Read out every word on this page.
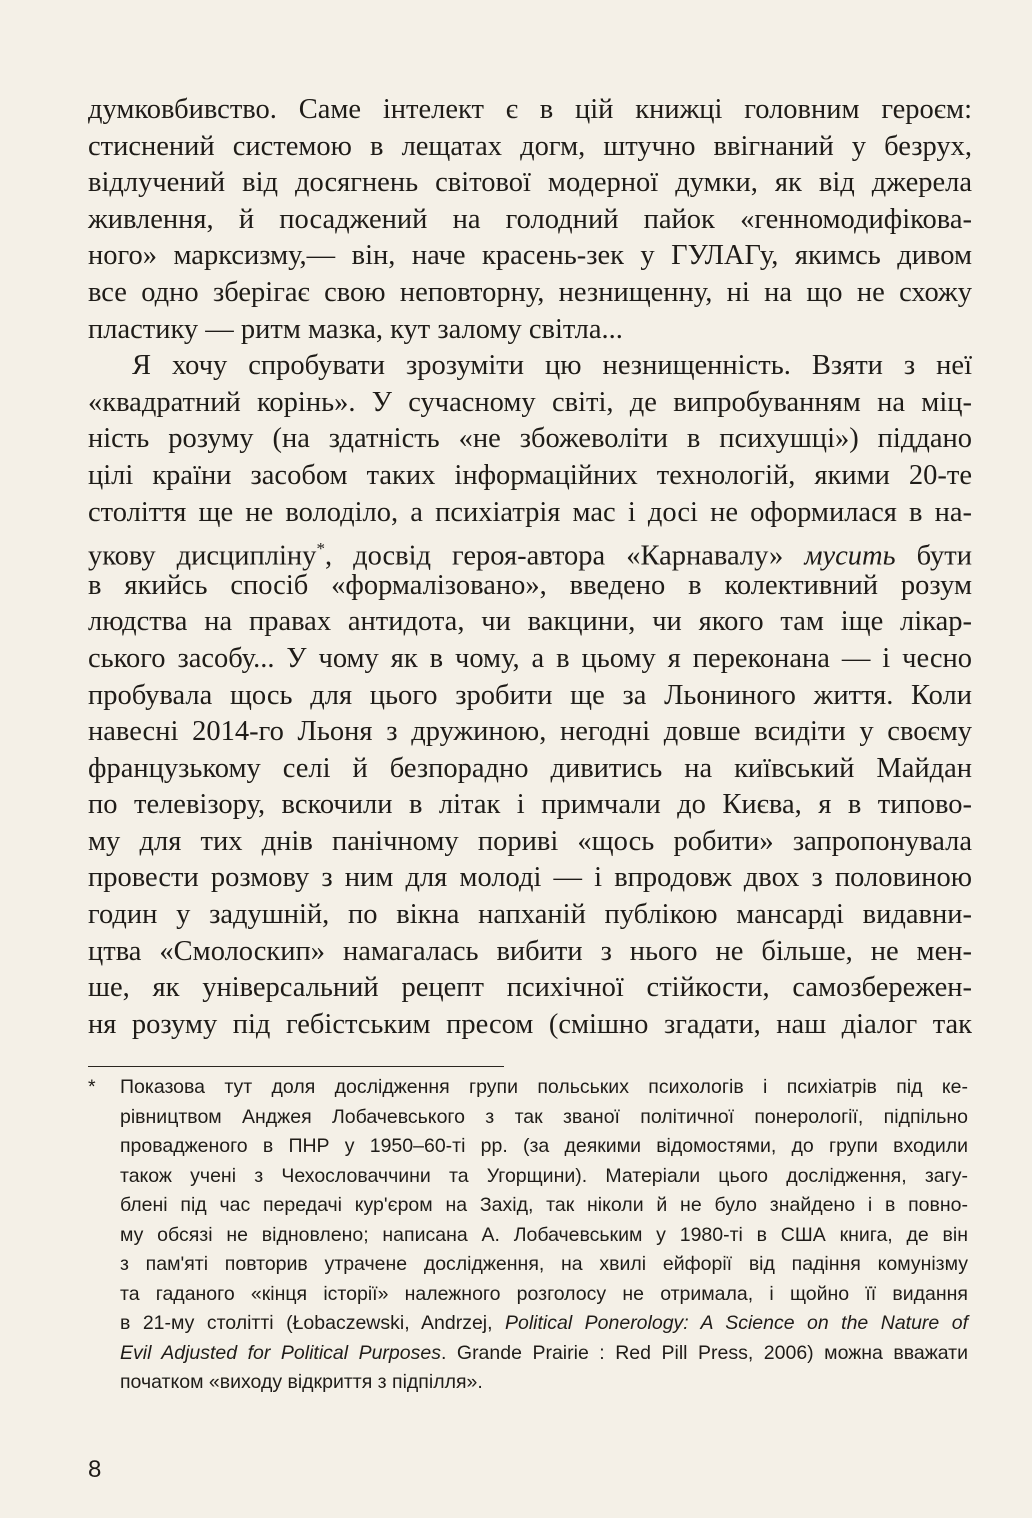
думковбивство. Саме інтелект є в цій книжці головним героєм:
стиснений системою в лещатах догм, штучно ввігнаний у безрух,
відлучений від досягнень світової модерної думки, як від джерела
живлення, й посаджений на голодний пайок «генномодифікова-
ного» марксизму,— він, наче красень-зек у ГУЛАГу, якимсь дивом
все одно зберігає свою неповторну, незнищенну, ні на що не схожу
пластику — ритм мазка, кут залому світла...

Я хочу спробувати зрозуміти цю незнищенність. Взяти з неї
«квадратний корінь». У сучасному світі, де випробуванням на міц-
ність розуму (на здатність «не збожеволіти в психушці») піддано
цілі країни засобом таких інформаційних технологій, якими 20-те
століття ще не володіло, а психіатрія мас і досі не оформилася в на-
укову дисципліну*, досвід героя-автора «Карнавалу» мусить бути
в якийсь спосіб «формалізовано», введено в колективний розум
людства на правах антидота, чи вакцини, чи якого там іще лікар-
ського засобу... У чому як в чому, а в цьому я переконана — і чесно
пробувала щось для цього зробити ще за Льониного життя. Коли
навесні 2014-го Льоня з дружиною, негодні довше всидіти у своєму
французькому селі й безпорадно дивитись на київський Майдан
по телевізору, вскочили в літак і примчали до Києва, я в типово-
му для тих днів панічному пориві «щось робити» запропонувала
провести розмову з ним для молоді — і впродовж двох з половиною
годин у задушній, по вікна напханій публікою мансарді видавни-
цтва «Смолоскип» намагалась вибити з нього не більше, не мен-
ше, як універсальний рецепт психічної стійкости, самозбережен-
ня розуму під гебістським пресом (смішно згадати, наш діалог так

* Показова тут доля дослідження групи польських психологів і психіатрів під ке-
рівництвом Анджея Лобачевського з так званої політичної понерології, підпільно
провадженого в ПНР у 1950–60-ті рр. (за деякими відомостями, до групи входили
також учені з Чехословаччини та Угорщини). Матеріали цього дослідження, загу-
блені під час передачі кур'єром на Захід, так ніколи й не було знайдено і в повно-
му обсязі не відновлено; написана А. Лобачевським у 1980-ті в США книга, де він
з пам'яті повторив утрачене дослідження, на хвилі ейфорії від падіння комунізму
та гаданого «кінця історії» належного розголосу не отримала, і щойно її видання
в 21-му столітті (Łobaczewski, Andrzej, Political Ponerology: A Science on the Nature of
Evil Adjusted for Political Purposes. Grande Prairie : Red Pill Press, 2006) можна вважати
початком «виходу відкриття з підпілля».
8
